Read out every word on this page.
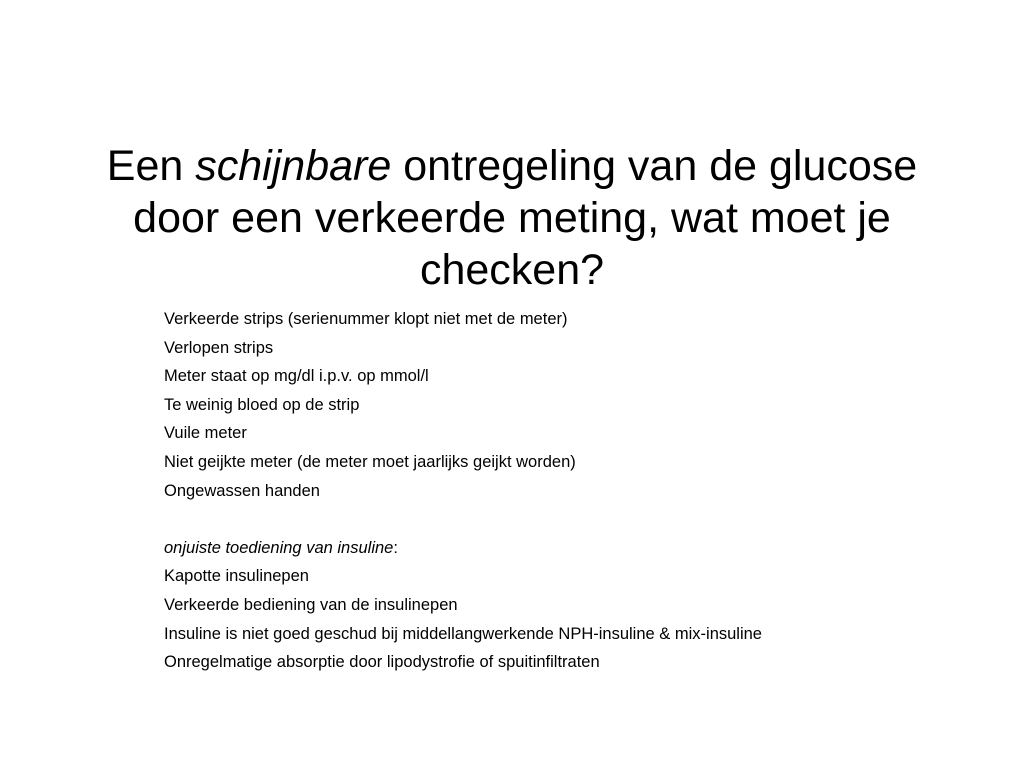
Een schijnbare ontregeling van de glucose door een verkeerde meting, wat moet je checken?
Verkeerde strips (serienummer klopt niet met de meter)
Verlopen strips
Meter staat op mg/dl i.p.v. op mmol/l
Te weinig bloed op de strip
Vuile meter
Niet geijkte meter (de meter moet jaarlijks geijkt worden)
Ongewassen handen
onjuiste toediening van insuline:
Kapotte insulinepen
Verkeerde bediening van de insulinepen
Insuline is niet goed geschud bij middellangwerkende NPH-insuline & mix-insuline
Onregelmatige absorptie door lipodystrofie of spuitinfiltraten
